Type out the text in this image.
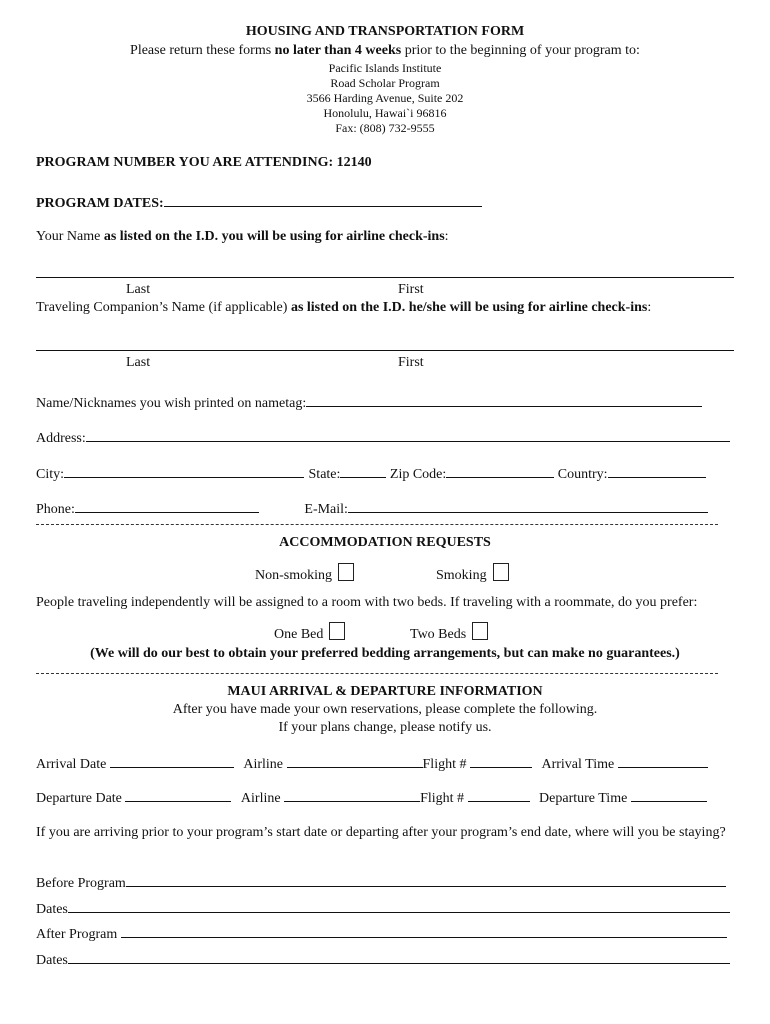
HOUSING AND TRANSPORTATION FORM
Please return these forms no later than 4 weeks prior to the beginning of your program to:
Pacific Islands Institute
Road Scholar Program
3566 Harding Avenue, Suite 202
Honolulu, Hawai`i 96816
Fax: (808) 732-9555
PROGRAM NUMBER YOU ARE ATTENDING: 12140
PROGRAM DATES:
Your Name as listed on the I.D. you will be using for airline check-ins:
Last	First
Traveling Companion’s Name (if applicable) as listed on the I.D. he/she will be using for airline check-ins:
Last	First
Name/Nicknames you wish printed on nametag:
Address:
City:	State:	Zip Code:	Country:
Phone:	E-Mail:
ACCOMMODATION REQUESTS
Non-smoking	Smoking
People traveling independently will be assigned to a room with two beds. If traveling with a roommate, do you prefer:
One Bed	Two Beds
(We will do our best to obtain your preferred bedding arrangements, but can make no guarantees.)
MAUI ARRIVAL & DEPARTURE INFORMATION
After you have made your own reservations, please complete the following.
If your plans change, please notify us.
Arrival Date	Airline	Flight #	Arrival Time
Departure Date	Airline	Flight #	Departure Time
If you are arriving prior to your program’s start date or departing after your program’s end date, where will you be staying?
Before Program
Dates
After Program
Dates
